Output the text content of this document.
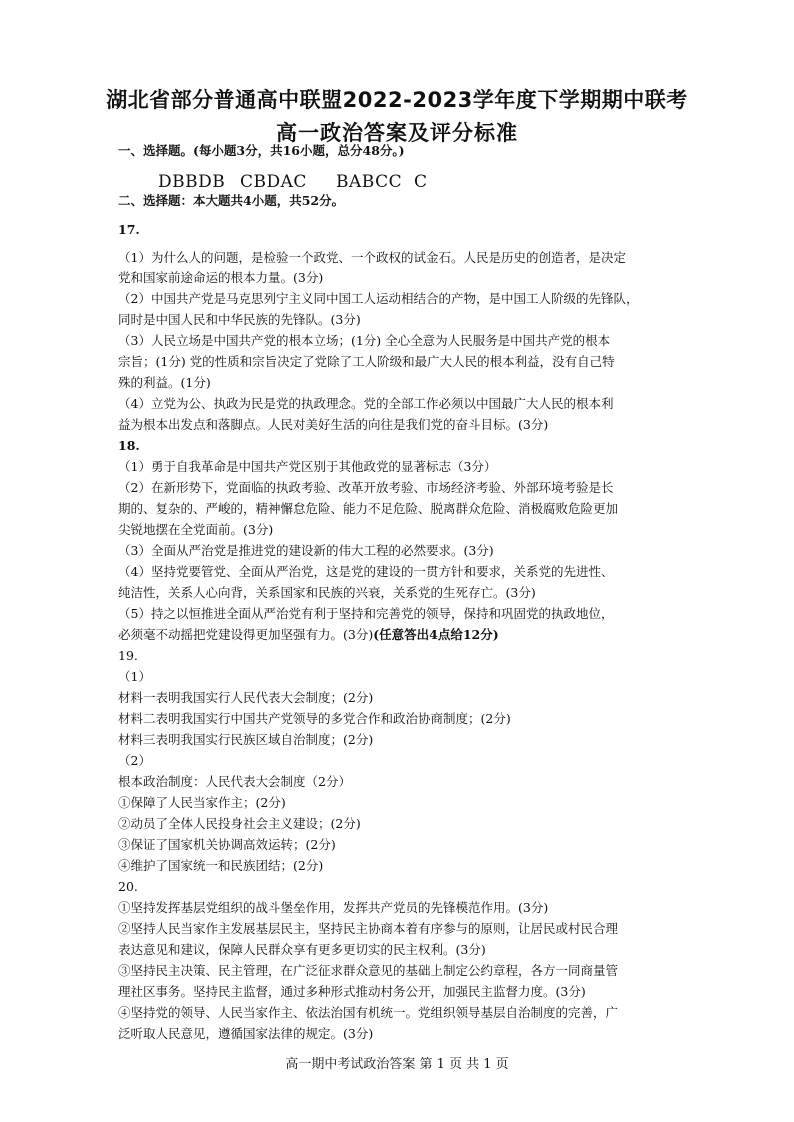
湖北省部分普通高中联盟2022-2023学年度下学期期中联考
高一政治答案及评分标准
一、选择题。(每小题3分，共16小题，总分48分。)
DBBDB CBDAC BABCC C
二、选择题：本大题共4小题，共52分。
17.
（1）为什么人的问题，是检验一个政党、一个政权的试金石。人民是历史的创造者，是决定
党和国家前途命运的根本力量。(3分)
（2）中国共产党是马克思列宁主义同中国工人运动相结合的产物，是中国工人阶级的先锋队，
同时是中国人民和中华民族的先锋队。(3分)
（3）人民立场是中国共产党的根本立场；(1分) 全心全意为人民服务是中国共产党的根本
宗旨；(1分) 党的性质和宗旨决定了党除了工人阶级和最广大人民的根本利益，没有自己特
殊的利益。(1分)
（4）立党为公、执政为民是党的执政理念。党的全部工作必须以中国最广大人民的根本利
益为根本出发点和落脚点。人民对美好生活的向往是我们党的奋斗目标。(3分)
18.
（1）勇于自我革命是中国共产党区别于其他政党的显著标志（3分）
（2）在新形势下，党面临的执政考验、改革开放考验、市场经济考验、外部环境考验是长
期的、复杂的、严峻的，精神懈怠危险、能力不足危险、脱离群众危险、消极腐败危险更加
尖锐地摆在全党面前。(3分)
（3）全面从严治党是推进党的建设新的伟大工程的必然要求。(3分)
（4）坚持党要管党、全面从严治党，这是党的建设的一贯方针和要求，关系党的先进性、
纯洁性，关系人心向背，关系国家和民族的兴衰，关系党的生死存亡。(3分)
（5）持之以恒推进全面从严治党有利于坚持和完善党的领导，保持和巩固党的执政地位，
必须毫不动摇把党建设得更加坚强有力。(3分)(任意答出4点给12分)
19.
（1）
材料一表明我国实行人民代表大会制度；(2分)
材料二表明我国实行中国共产党领导的多党合作和政治协商制度；(2分)
材料三表明我国实行民族区域自治制度；(2分)
（2）
根本政治制度：人民代表大会制度（2分）
①保障了人民当家作主；(2分)
②动员了全体人民投身社会主义建设；(2分)
③保证了国家机关协调高效运转；(2分)
④维护了国家统一和民族团结；(2分)
20.
①坚持发挥基层党组织的战斗堡垒作用，发挥共产党员的先锋模范作用。(3分)
②坚持人民当家作主发展基层民主，坚持民主协商本着有序参与的原则，让居民或村民合理
表达意见和建议，保障人民群众享有更多更切实的民主权利。(3分)
③坚持民主决策、民主管理，在广泛征求群众意见的基础上制定公约章程，各方一同商量管
理社区事务。坚持民主监督，通过多种形式推动村务公开，加强民主监督力度。(3分)
④坚持党的领导、人民当家作主、依法治国有机统一。党组织领导基层自治制度的完善，广
泛听取人民意见，遵循国家法律的规定。(3分)
高一期中考试政治答案 第 1 页 共 1 页
